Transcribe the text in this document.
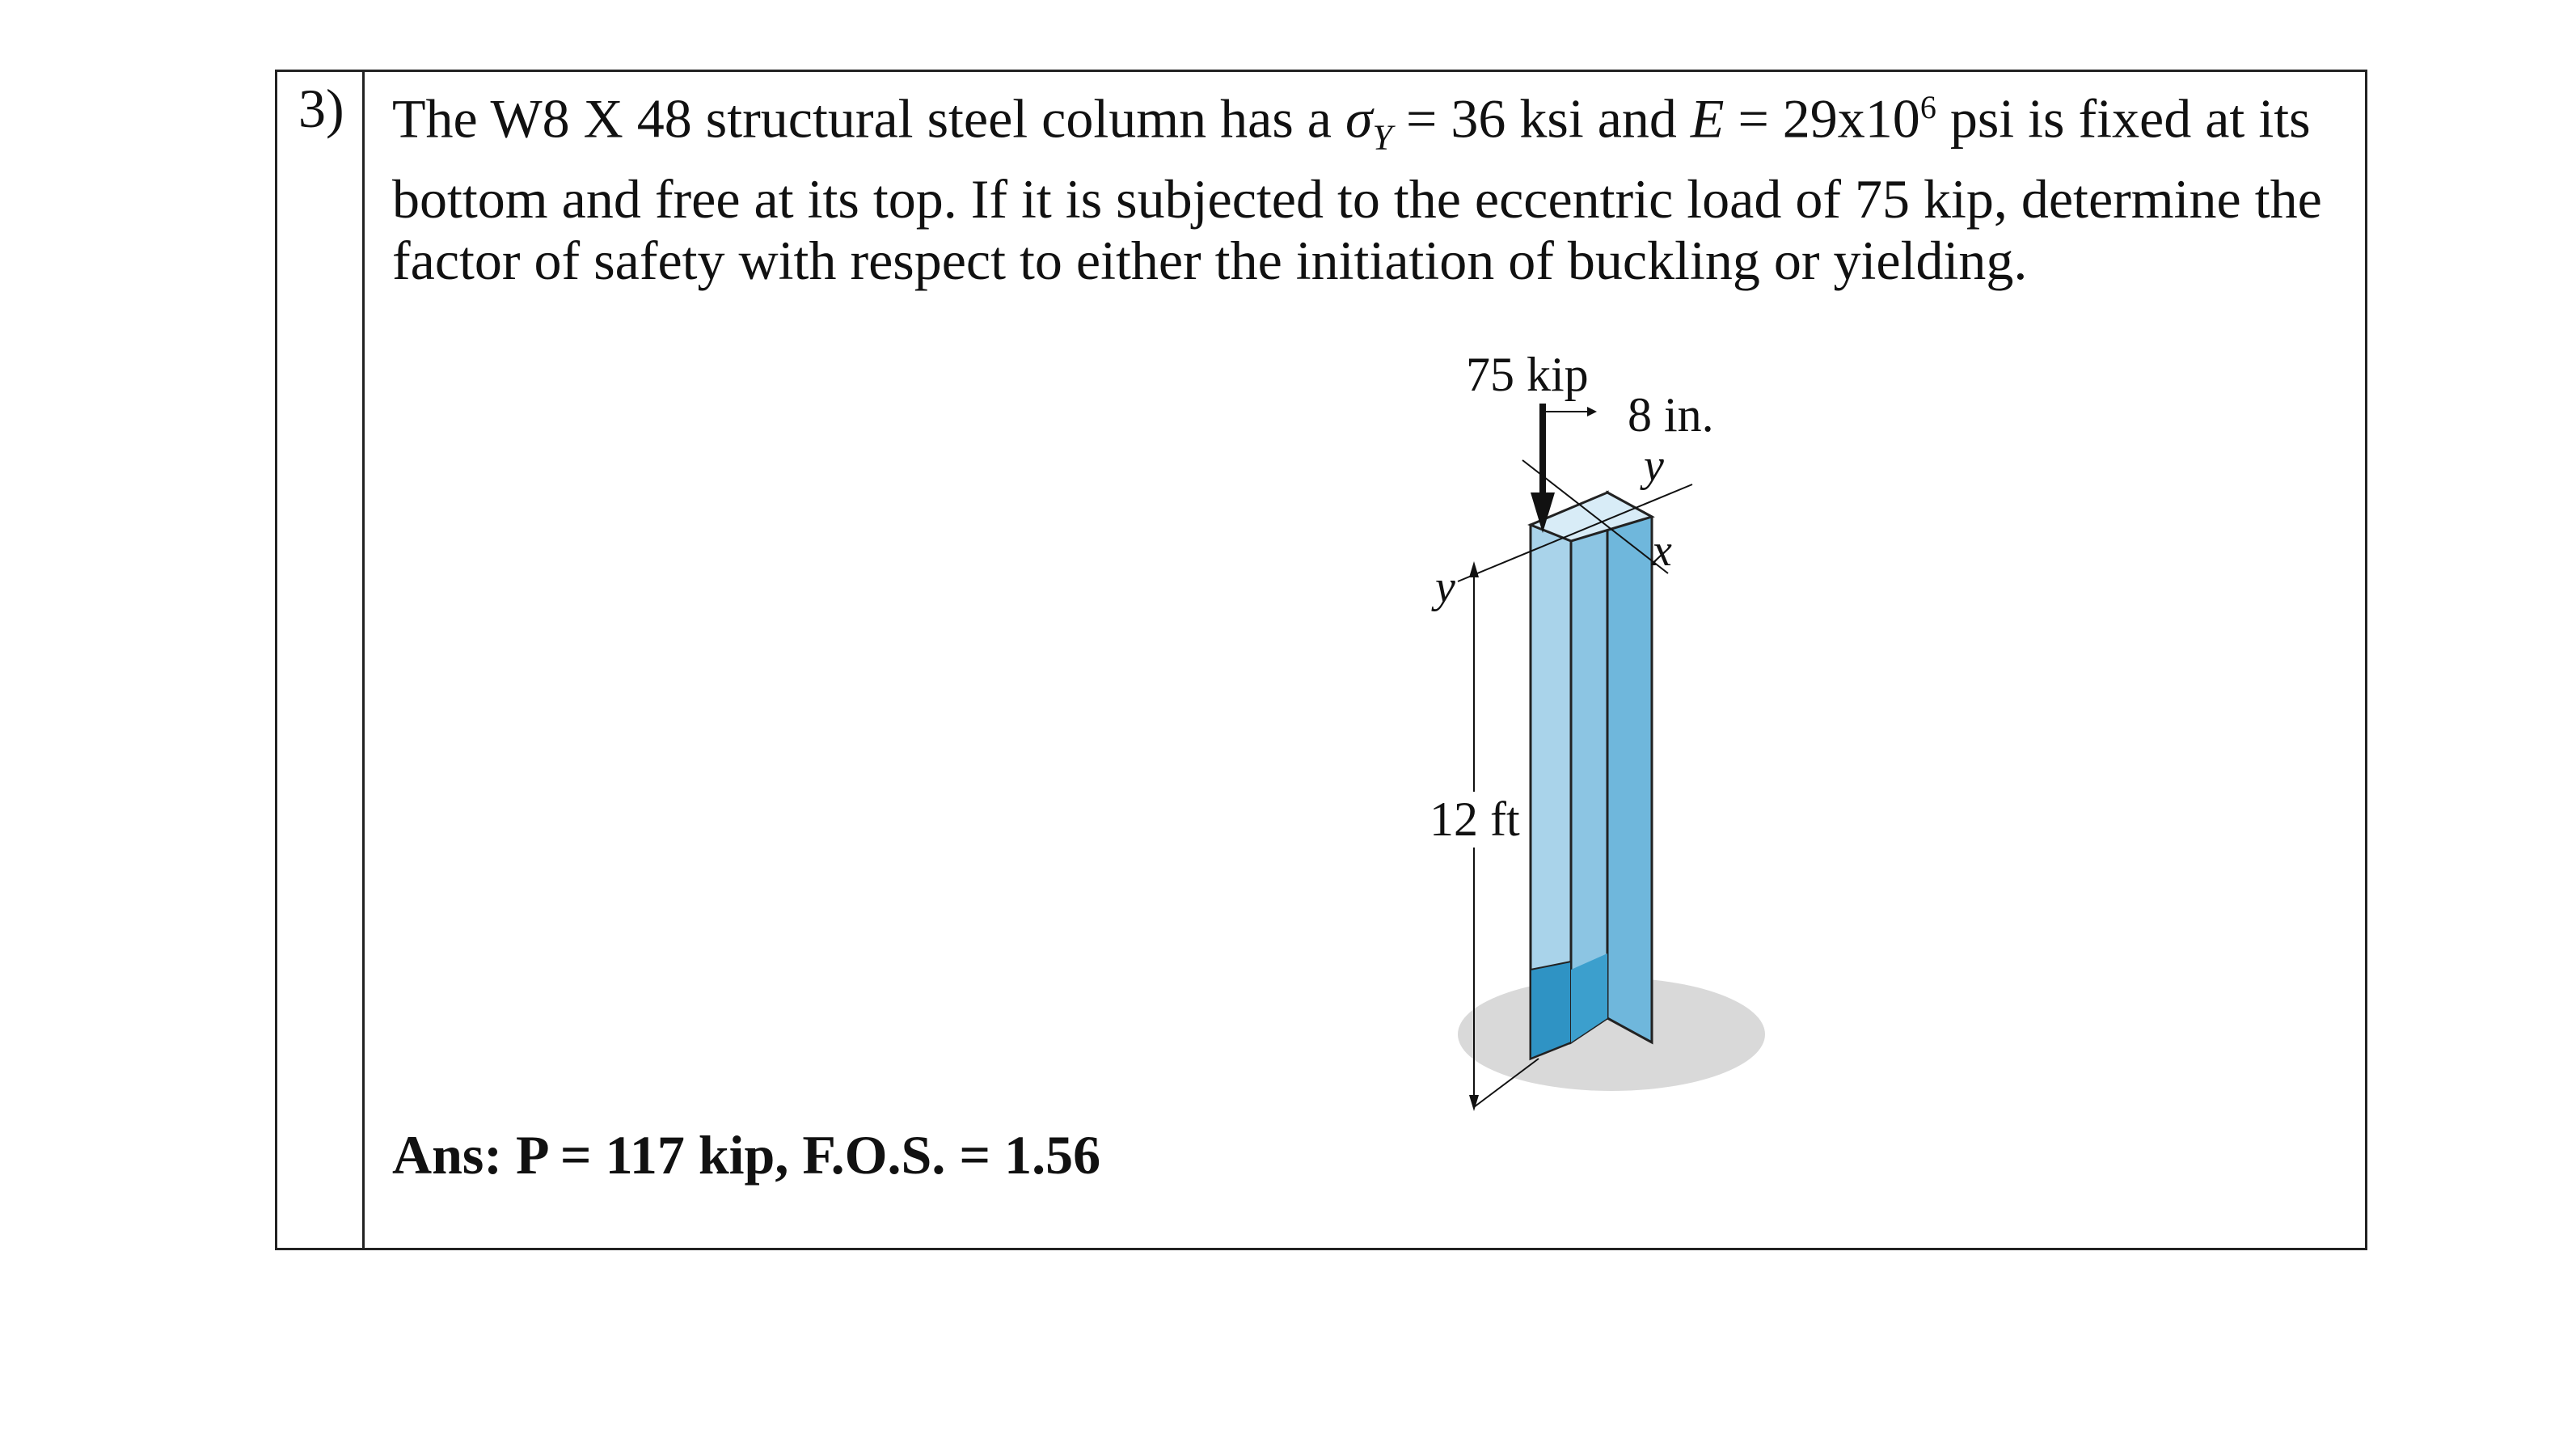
3) The W8 X 48 structural steel column has a $\sigma_Y = 36$ ksi and $E = 29x10^6$ psi is fixed at its bottom and free at its top. If it is subjected to the eccentric load of 75 kip, determine the factor of safety with respect to either the initiation of buckling or yielding.
75 kip
8 in.
y
x
y
12 ft
Ans: P = 117 kip, F.O.S. = 1.56
